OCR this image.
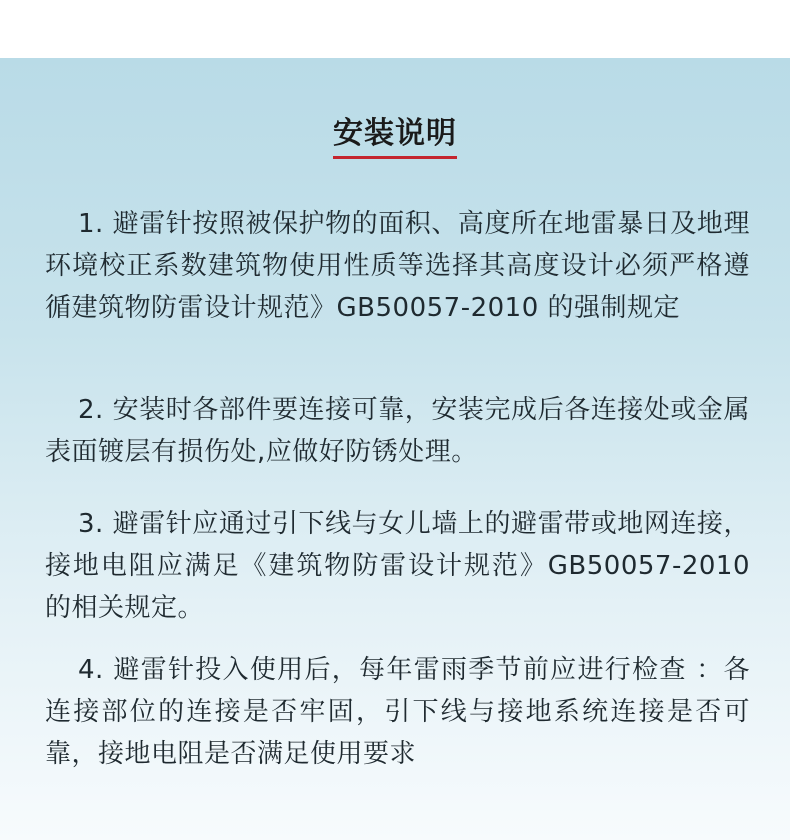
安装说明

1. 避雷针按照被保护物的面积、高度所在地雷暴日及地理环境校正系数建筑物使用性质等选择其高度设计必须严格遵循建筑物防雷设计规范》GB50057-2010 的强制规定

2. 安装时各部件要连接可靠，安装完成后各连接处或金属表面镀层有损伤处,应做好防锈处理。

3. 避雷针应通过引下线与女儿墙上的避雷带或地网连接，接地电阻应满足《建筑物防雷设计规范》GB50057-2010 的相关规定。

4. 避雷针投入使用后，每年雷雨季节前应进行检查 ：各连接部位的连接是否牢固，引下线与接地系统连接是否可靠，接地电阻是否满足使用要求
